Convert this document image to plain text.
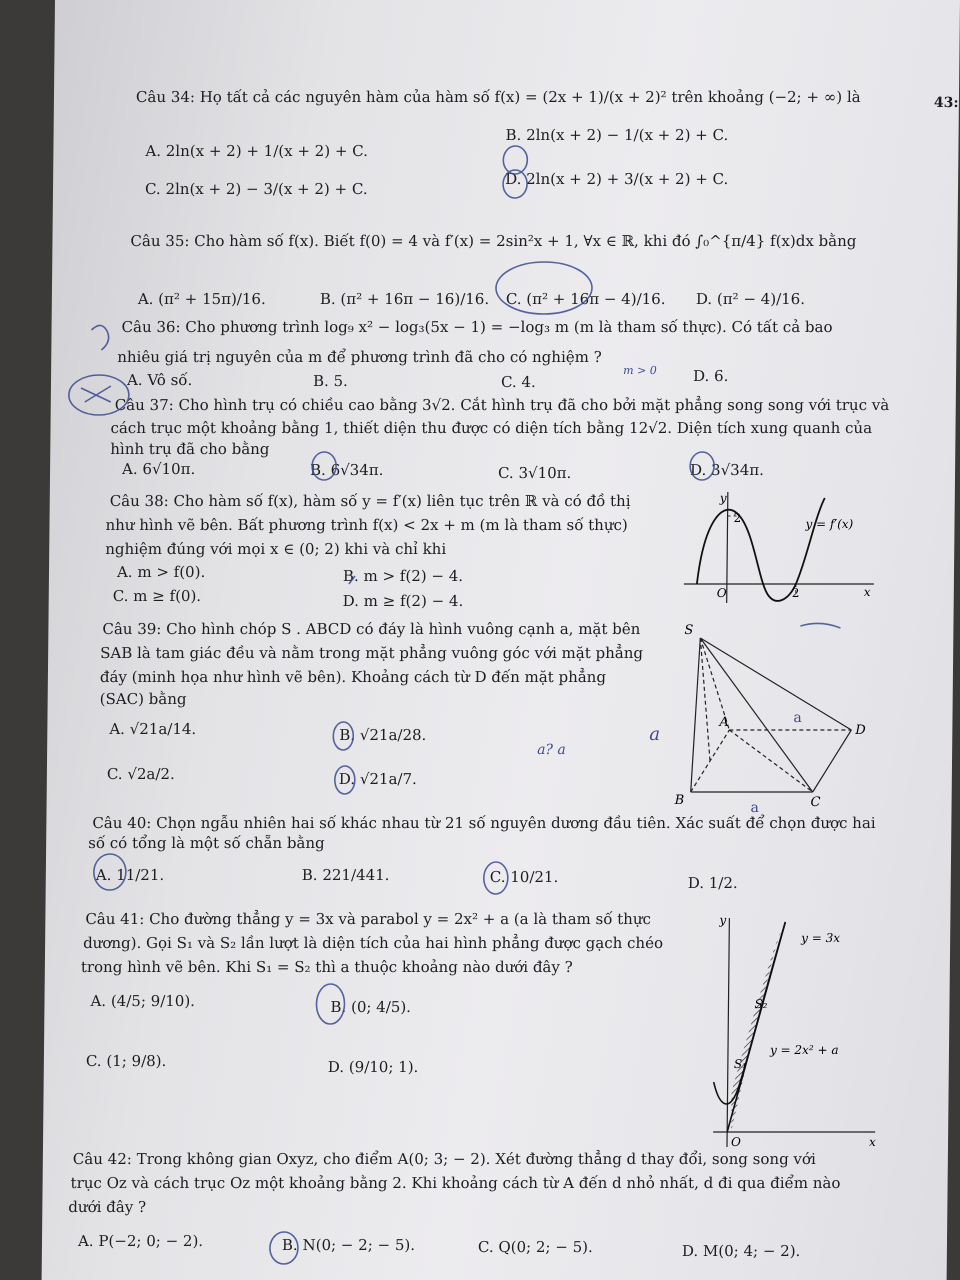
43:
Câu 34: Họ tất cả các nguyên hàm của hàm số f(x) = (2x + 1)/(x + 2)² trên khoảng (−2; + ∞) là
A. 2ln(x + 2) + 1/(x + 2) + C.
B. 2ln(x + 2) − 1/(x + 2) + C.
C. 2ln(x + 2) − 3/(x + 2) + C.
D. 2ln(x + 2) + 3/(x + 2) + C.
Câu 35: Cho hàm số f(x). Biết f(0) = 4 và f′(x) = 2sin²x + 1, ∀x ∈ ℝ, khi đó ∫₀^{π/4} f(x)dx bằng
A. (π² + 15π)/16.	B. (π² + 16π − 16)/16. C. (π² + 16π − 4)/16. D. (π² − 4)/16.
Câu 36: Cho phương trình log₉ x² − log₃(5x − 1) = −log₃ m (m là tham số thực). Có tất cả bao
nhiêu giá trị nguyên của m để phương trình đã cho có nghiệm ?
A. Vô số.	B. 5.	C. 4.	D. 6.
Câu 37: Cho hình trụ có chiều cao bằng 3√2. Cắt hình trụ đã cho bởi mặt phẳng song song với trục và
cách trục một khoảng bằng 1, thiết diện thu được có diện tích bằng 12√2. Diện tích xung quanh của
hình trụ đã cho bằng
A. 6√10π.	B. 6√34π.	C. 3√10π.	D. 3√34π.
Câu 38: Cho hàm số f(x), hàm số y = f′(x) liên tục trên ℝ và có đồ thị
như hình vẽ bên. Bất phương trình f(x) < 2x + m (m là tham số thực)
nghiệm đúng với mọi x ∈ (0; 2) khi và chỉ khi
A. m > f(0).	B. m > f(2) − 4.
C. m ≥ f(0).	D. m ≥ f(2) − 4.
y
x
O
2
2
y = f′(x)
Câu 39: Cho hình chóp S . ABCD có đáy là hình vuông cạnh a, mặt bên
SAB là tam giác đều và nằm trong mặt phẳng vuông góc với mặt phẳng
đáy (minh họa như hình vẽ bên). Khoảng cách từ D đến mặt phẳng
(SAC) bằng
A. √21a/14.	B. √21a/28.
C. √2a/2.	D. √21a/7.
S
A
B	C
D
a
a
Câu 40: Chọn ngẫu nhiên hai số khác nhau từ 21 số nguyên dương đầu tiên. Xác suất để chọn được hai
số có tổng là một số chẵn bằng
A. 11/21.	B. 221/441.	C. 10/21.	D. 1/2.
Câu 41: Cho đường thẳng y = 3x và parabol y = 2x² + a (a là tham số thực
dương). Gọi S₁ và S₂ lần lượt là diện tích của hai hình phẳng được gạch chéo
trong hình vẽ bên. Khi S₁ = S₂ thì a thuộc khoảng nào dưới đây ?
A. (4/5; 9/10).	B. (0; 4/5).
C. (1; 9/8).	D. (9/10; 1).
y
x
O
y = 3x
y = 2x² + a
S₂
S₁
Câu 42: Trong không gian Oxyz, cho điểm A(0; 3; − 2). Xét đường thẳng d thay đổi, song song với
trục Oz và cách trục Oz một khoảng bằng 2. Khi khoảng cách từ A đến d nhỏ nhất, d đi qua điểm nào
dưới đây ?
A. P(−2; 0; − 2).	B. N(0; − 2; − 5).	C. Q(0; 2; − 5).	D. M(0; 4; − 2).
a
a? a
m > 0
